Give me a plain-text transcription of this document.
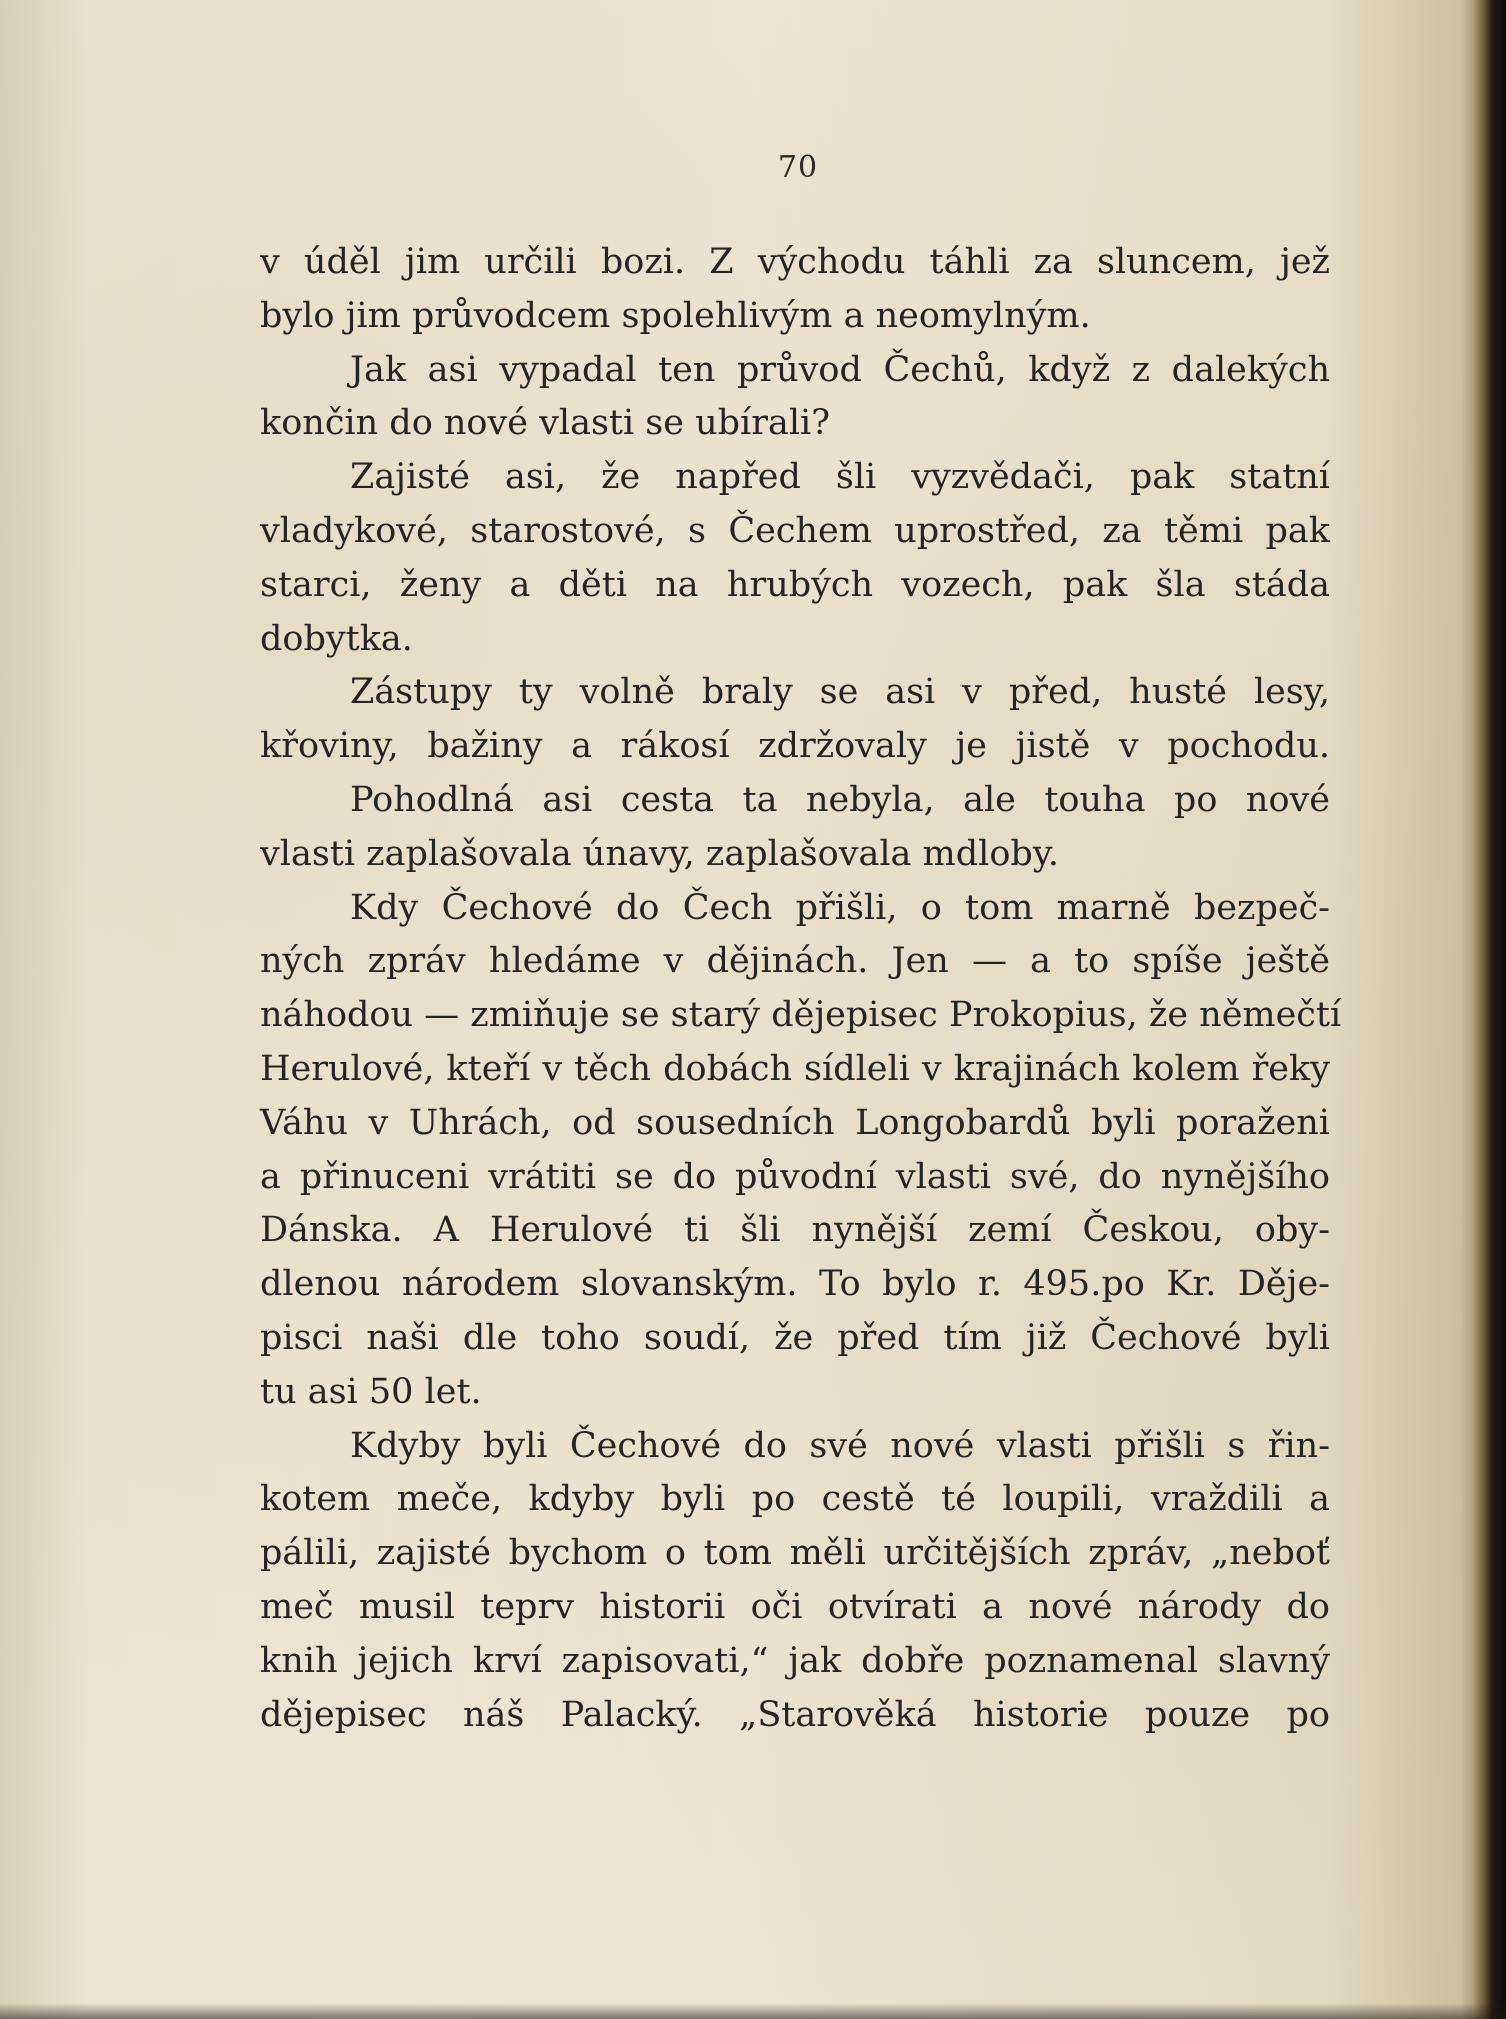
70
v úděl jim určili bozi. Z východu táhli za sluncem, jež
bylo jim průvodcem spolehlivým a neomylným.
Jak asi vypadal ten průvod Čechů, když z dalekých
končin do nové vlasti se ubírali?
Zajisté asi, že napřed šli vyzvědači, pak statní
vladykové, starostové, s Čechem uprostřed, za těmi pak
starci, ženy a děti na hrubých vozech, pak šla stáda
dobytka.
Zástupy ty volně braly se asi v před, husté lesy,
křoviny, bažiny a rákosí zdržovaly je jistě v pochodu.
Pohodlná asi cesta ta nebyla, ale touha po nové
vlasti zaplašovala únavy, zaplašovala mdloby.
Kdy Čechové do Čech přišli, o tom marně bezpeč-
ných zpráv hledáme v dějinách. Jen — a to spíše ještě
náhodou — zmiňuje se starý dějepisec Prokopius, že němečtí
Herulové, kteří v těch dobách sídleli v krajinách kolem řeky
Váhu v Uhrách, od sousedních Longobardů byli poraženi
a přinuceni vrátiti se do původní vlasti své, do nynějšího
Dánska. A Herulové ti šli nynější zemí Českou, oby-
dlenou národem slovanským. To bylo r. 495.po Kr. Děje-
pisci naši dle toho soudí, že před tím již Čechové byli
tu asi 50 let.
Kdyby byli Čechové do své nové vlasti přišli s řin-
kotem meče, kdyby byli po cestě té loupili, vraždili a
pálili, zajisté bychom o tom měli určitějších zpráv, „neboť
meč musil teprv historii oči otvírati a nové národy do
knih jejich krví zapisovati,“ jak dobře poznamenal slavný
dějepisec náš Palacký. „Starověká historie pouze po
